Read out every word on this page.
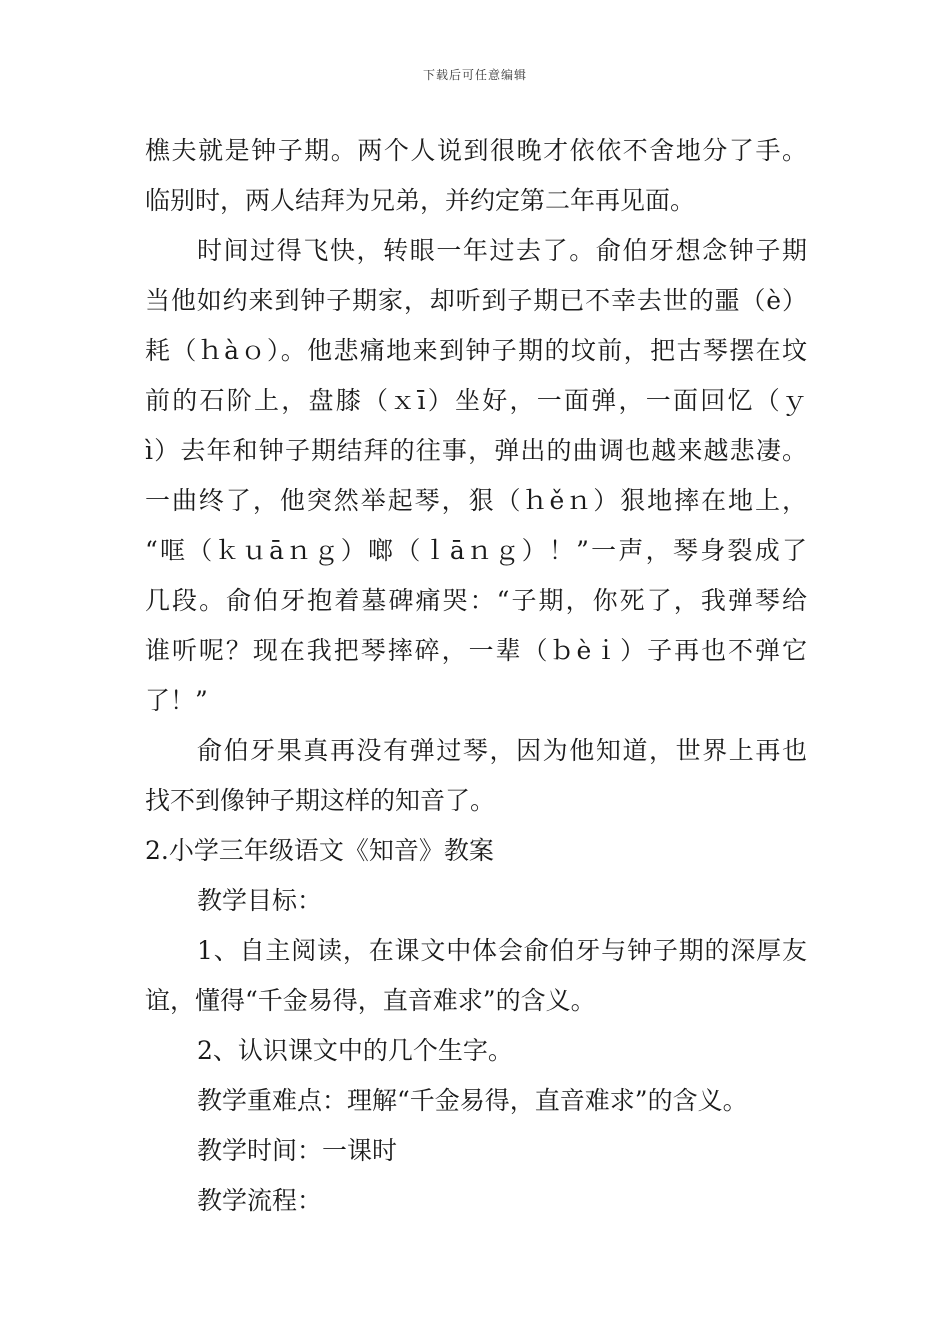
下载后可任意编辑
樵夫就是钟子期。两个人说到很晚才依依不舍地分了手。
临别时，两人结拜为兄弟，并约定第二年再见面。
时间过得飞快，转眼一年过去了。俞伯牙想念钟子期
当他如约来到钟子期家，却听到子期已不幸去世的噩（è）
耗（ｈàｏ）。他悲痛地来到钟子期的坟前，把古琴摆在坟
前的石阶上，盘膝（ｘī）坐好，一面弹，一面回忆（ｙ
ì）去年和钟子期结拜的往事，弹出的曲调也越来越悲凄。
一曲终了，他突然举起琴，狠（ｈěｎ）狠地摔在地上，
“哐（ｋｕāｎｇ）啷（ｌāｎｇ）！”一声，琴身裂成了
几段。俞伯牙抱着墓碑痛哭：“子期，你死了，我弹琴给
谁听呢？现在我把琴摔碎，一辈（ｂèｉ）子再也不弹它
了！”
俞伯牙果真再没有弹过琴，因为他知道，世界上再也
找不到像钟子期这样的知音了。
2.小学三年级语文《知音》教案
教学目标：
1、自主阅读，在课文中体会俞伯牙与钟子期的深厚友
谊，懂得“千金易得，直音难求”的含义。
2、认识课文中的几个生字。
教学重难点：理解“千金易得，直音难求”的含义。
教学时间：一课时
教学流程：
